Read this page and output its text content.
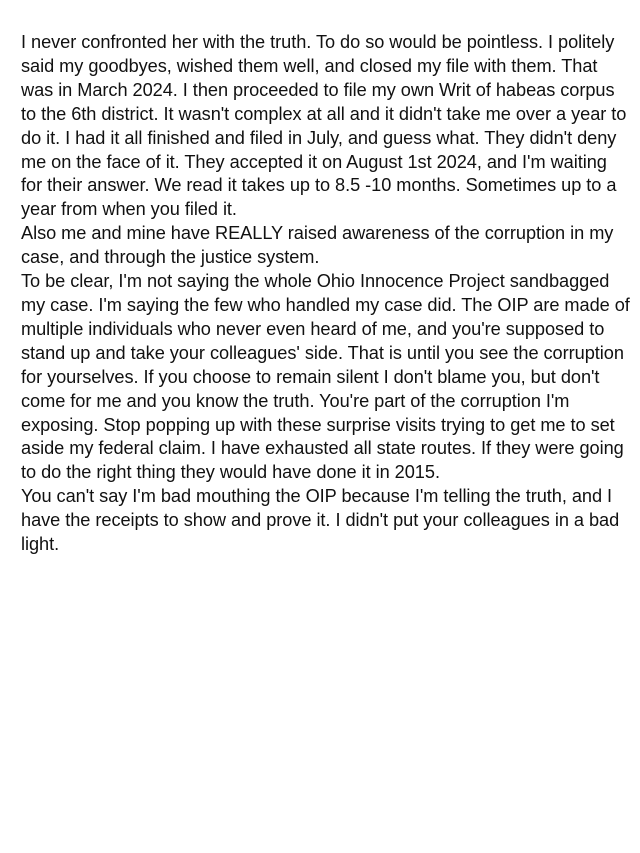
I never confronted her with the truth. To do so would be pointless. I politely
said my goodbyes, wished them well, and closed my file with them. That
was in March 2024. I then proceeded to file my own Writ of habeas corpus
to the 6th district. It wasn't complex at all and it didn't take me over a year to
do it. I had it all finished and filed in July, and guess what. They didn't deny
me on the face of it. They accepted it on August 1st 2024, and I'm waiting
for their answer. We read it takes up to 8.5 -10 months. Sometimes up to a
year from when you filed it.

Also me and mine have REALLY raised awareness of the corruption in my
case, and through the justice system.

To be clear, I'm not saying the whole Ohio Innocence Project sandbagged
my case. I'm saying the few who handled my case did. The OIP are made of
multiple individuals who never even heard of me, and you're supposed to
stand up and take your colleagues' side. That is until you see the corruption
for yourselves. If you choose to remain silent I don't blame you, but don't
come for me and you know the truth. You're part of the corruption I'm
exposing. Stop popping up with these surprise visits trying to get me to set
aside my federal claim. I have exhausted all state routes. If they were going
to do the right thing they would have done it in 2015.

You can't say I'm bad mouthing the OIP because I'm telling the truth, and I
have the receipts to show and prove it. I didn't put your colleagues in a bad
light.
